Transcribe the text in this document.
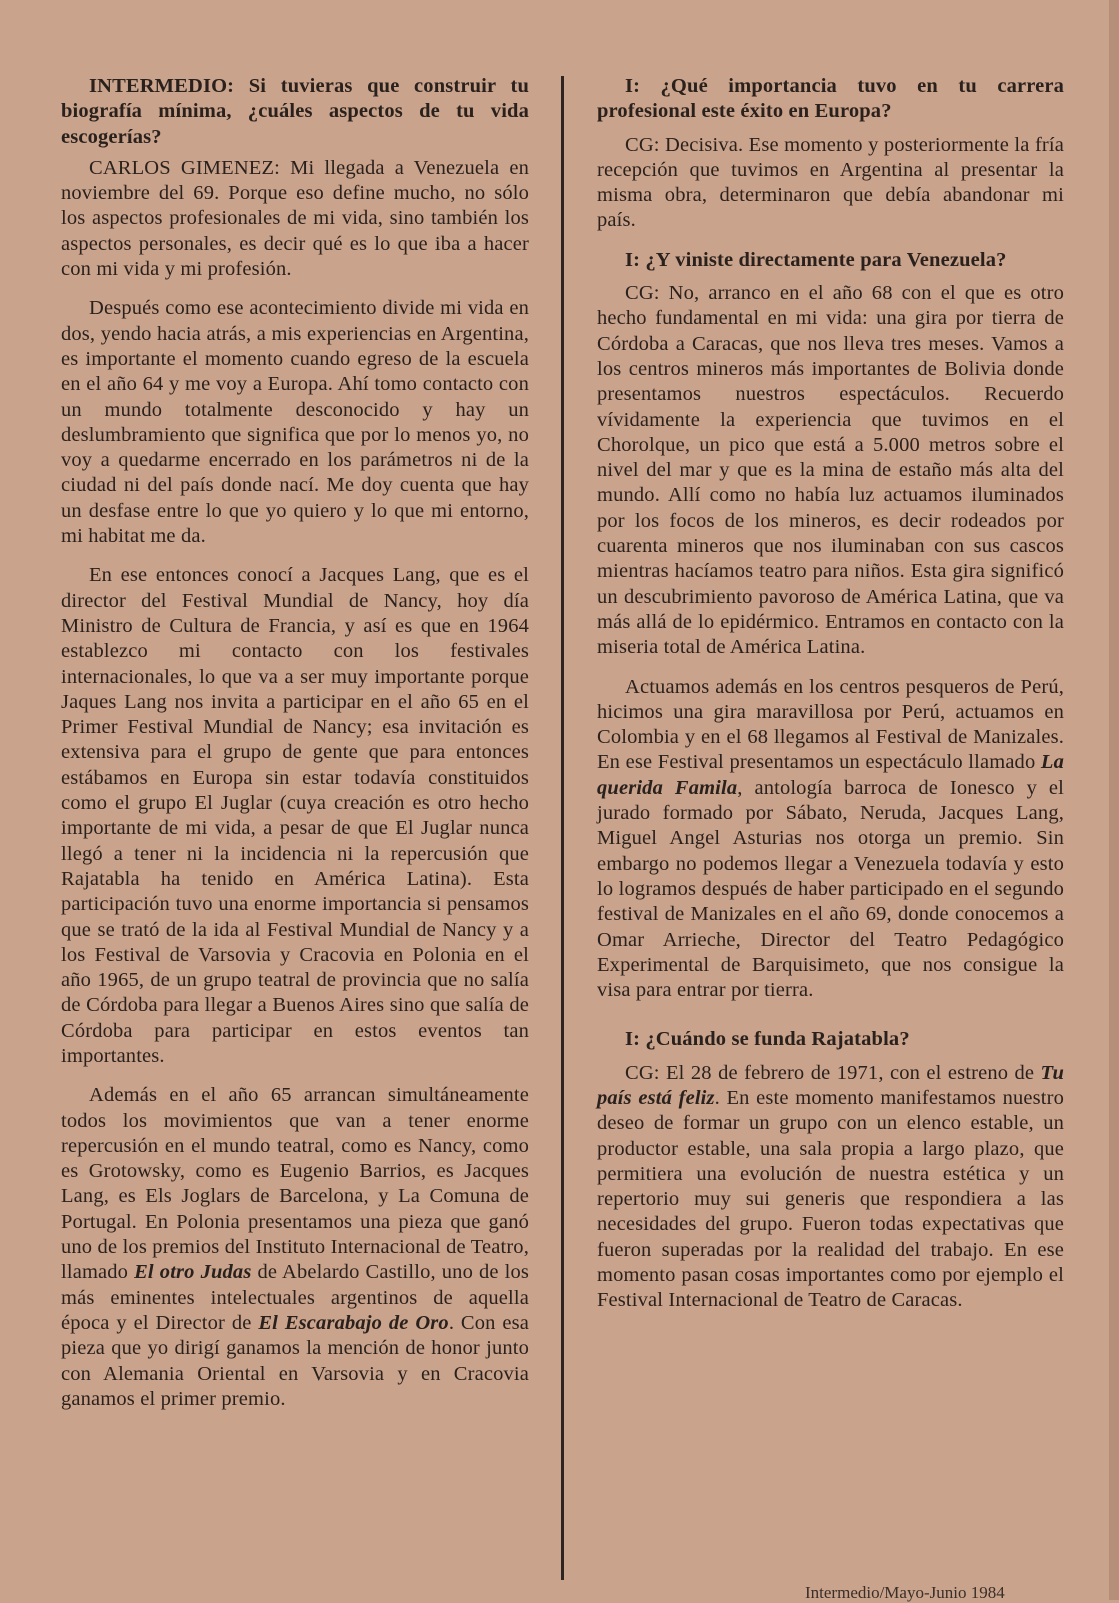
INTERMEDIO: Si tuvieras que construir tu biografía mínima, ¿cuáles aspectos de tu vida escogerías?

CARLOS GIMENEZ: Mi llegada a Venezuela en noviembre del 69. Porque eso define mucho, no sólo los aspectos profesionales de mi vida, sino también los aspectos personales, es decir qué es lo que iba a hacer con mi vida y mi profesión.

Después como ese acontecimiento divide mi vida en dos, yendo hacia atrás, a mis experiencias en Argentina, es importante el momento cuando egreso de la escuela en el año 64 y me voy a Europa. Ahí tomo contacto con un mundo totalmente desconocido y hay un deslumbramiento que significa que por lo menos yo, no voy a quedarme encerrado en los parámetros ni de la ciudad ni del país donde nací. Me doy cuenta que hay un desfase entre lo que yo quiero y lo que mi entorno, mi habitat me da.

En ese entonces conocí a Jacques Lang, que es el director del Festival Mundial de Nancy, hoy día Ministro de Cultura de Francia, y así es que en 1964 establezco mi contacto con los festivales internacionales, lo que va a ser muy importante porque Jaques Lang nos invita a participar en el año 65 en el Primer Festival Mundial de Nancy; esa invitación es extensiva para el grupo de gente que para entonces estábamos en Europa sin estar todavía constituidos como el grupo El Juglar (cuya creación es otro hecho importante de mi vida, a pesar de que El Juglar nunca llegó a tener ni la incidencia ni la repercusión que Rajatabla ha tenido en América Latina). Esta participación tuvo una enorme importancia si pensamos que se trató de la ida al Festival Mundial de Nancy y a los Festival de Varsovia y Cracovia en Polonia en el año 1965, de un grupo teatral de provincia que no salía de Córdoba para llegar a Buenos Aires sino que salía de Córdoba para participar en estos eventos tan importantes.

Además en el año 65 arrancan simultáneamente todos los movimientos que van a tener enorme repercusión en el mundo teatral, como es Nancy, como es Grotowsky, como es Eugenio Barrios, es Jacques Lang, es Els Joglars de Barcelona, y La Comuna de Portugal. En Polonia presentamos una pieza que ganó uno de los premios del Instituto Internacional de Teatro, llamado El otro Judas de Abelardo Castillo, uno de los más eminentes intelectuales argentinos de aquella época y el Director de El Escarabajo de Oro. Con esa pieza que yo dirigí ganamos la mención de honor junto con Alemania Oriental en Varsovia y en Cracovia ganamos el primer premio.

I: ¿Qué importancia tuvo en tu carrera profesional este éxito en Europa?

CG: Decisiva. Ese momento y posteriormente la fría recepción que tuvimos en Argentina al presentar la misma obra, determinaron que debía abandonar mi país.

I: ¿Y viniste directamente para Venezuela?

CG: No, arranco en el año 68 con el que es otro hecho fundamental en mi vida: una gira por tierra de Córdoba a Caracas, que nos lleva tres meses. Vamos a los centros mineros más importantes de Bolivia donde presentamos nuestros espectáculos. Recuerdo vívidamente la experiencia que tuvimos en el Chorolque, un pico que está a 5.000 metros sobre el nivel del mar y que es la mina de estaño más alta del mundo. Allí como no había luz actuamos iluminados por los focos de los mineros, es decir rodeados por cuarenta mineros que nos iluminaban con sus cascos mientras hacíamos teatro para niños. Esta gira significó un descubrimiento pavoroso de América Latina, que va más allá de lo epidérmico. Entramos en contacto con la miseria total de América Latina.

Actuamos además en los centros pesqueros de Perú, hicimos una gira maravillosa por Perú, actuamos en Colombia y en el 68 llegamos al Festival de Manizales. En ese Festival presentamos un espectáculo llamado La querida Famila, antología barroca de Ionesco y el jurado formado por Sábato, Neruda, Jacques Lang, Miguel Angel Asturias nos otorga un premio. Sin embargo no podemos llegar a Venezuela todavía y esto lo logramos después de haber participado en el segundo festival de Manizales en el año 69, donde conocemos a Omar Arrieche, Director del Teatro Pedagógico Experimental de Barquisimeto, que nos consigue la visa para entrar por tierra.

I: ¿Cuándo se funda Rajatabla?

CG: El 28 de febrero de 1971, con el estreno de Tu país está feliz. En este momento manifestamos nuestro deseo de formar un grupo con un elenco estable, un productor estable, una sala propia a largo plazo, que permitiera una evolución de nuestra estética y un repertorio muy sui generis que respondiera a las necesidades del grupo. Fueron todas expectativas que fueron superadas por la realidad del trabajo. En ese momento pasan cosas importantes como por ejemplo el Festival Internacional de Teatro de Caracas.

Intermedio/Mayo-Junio 1984
